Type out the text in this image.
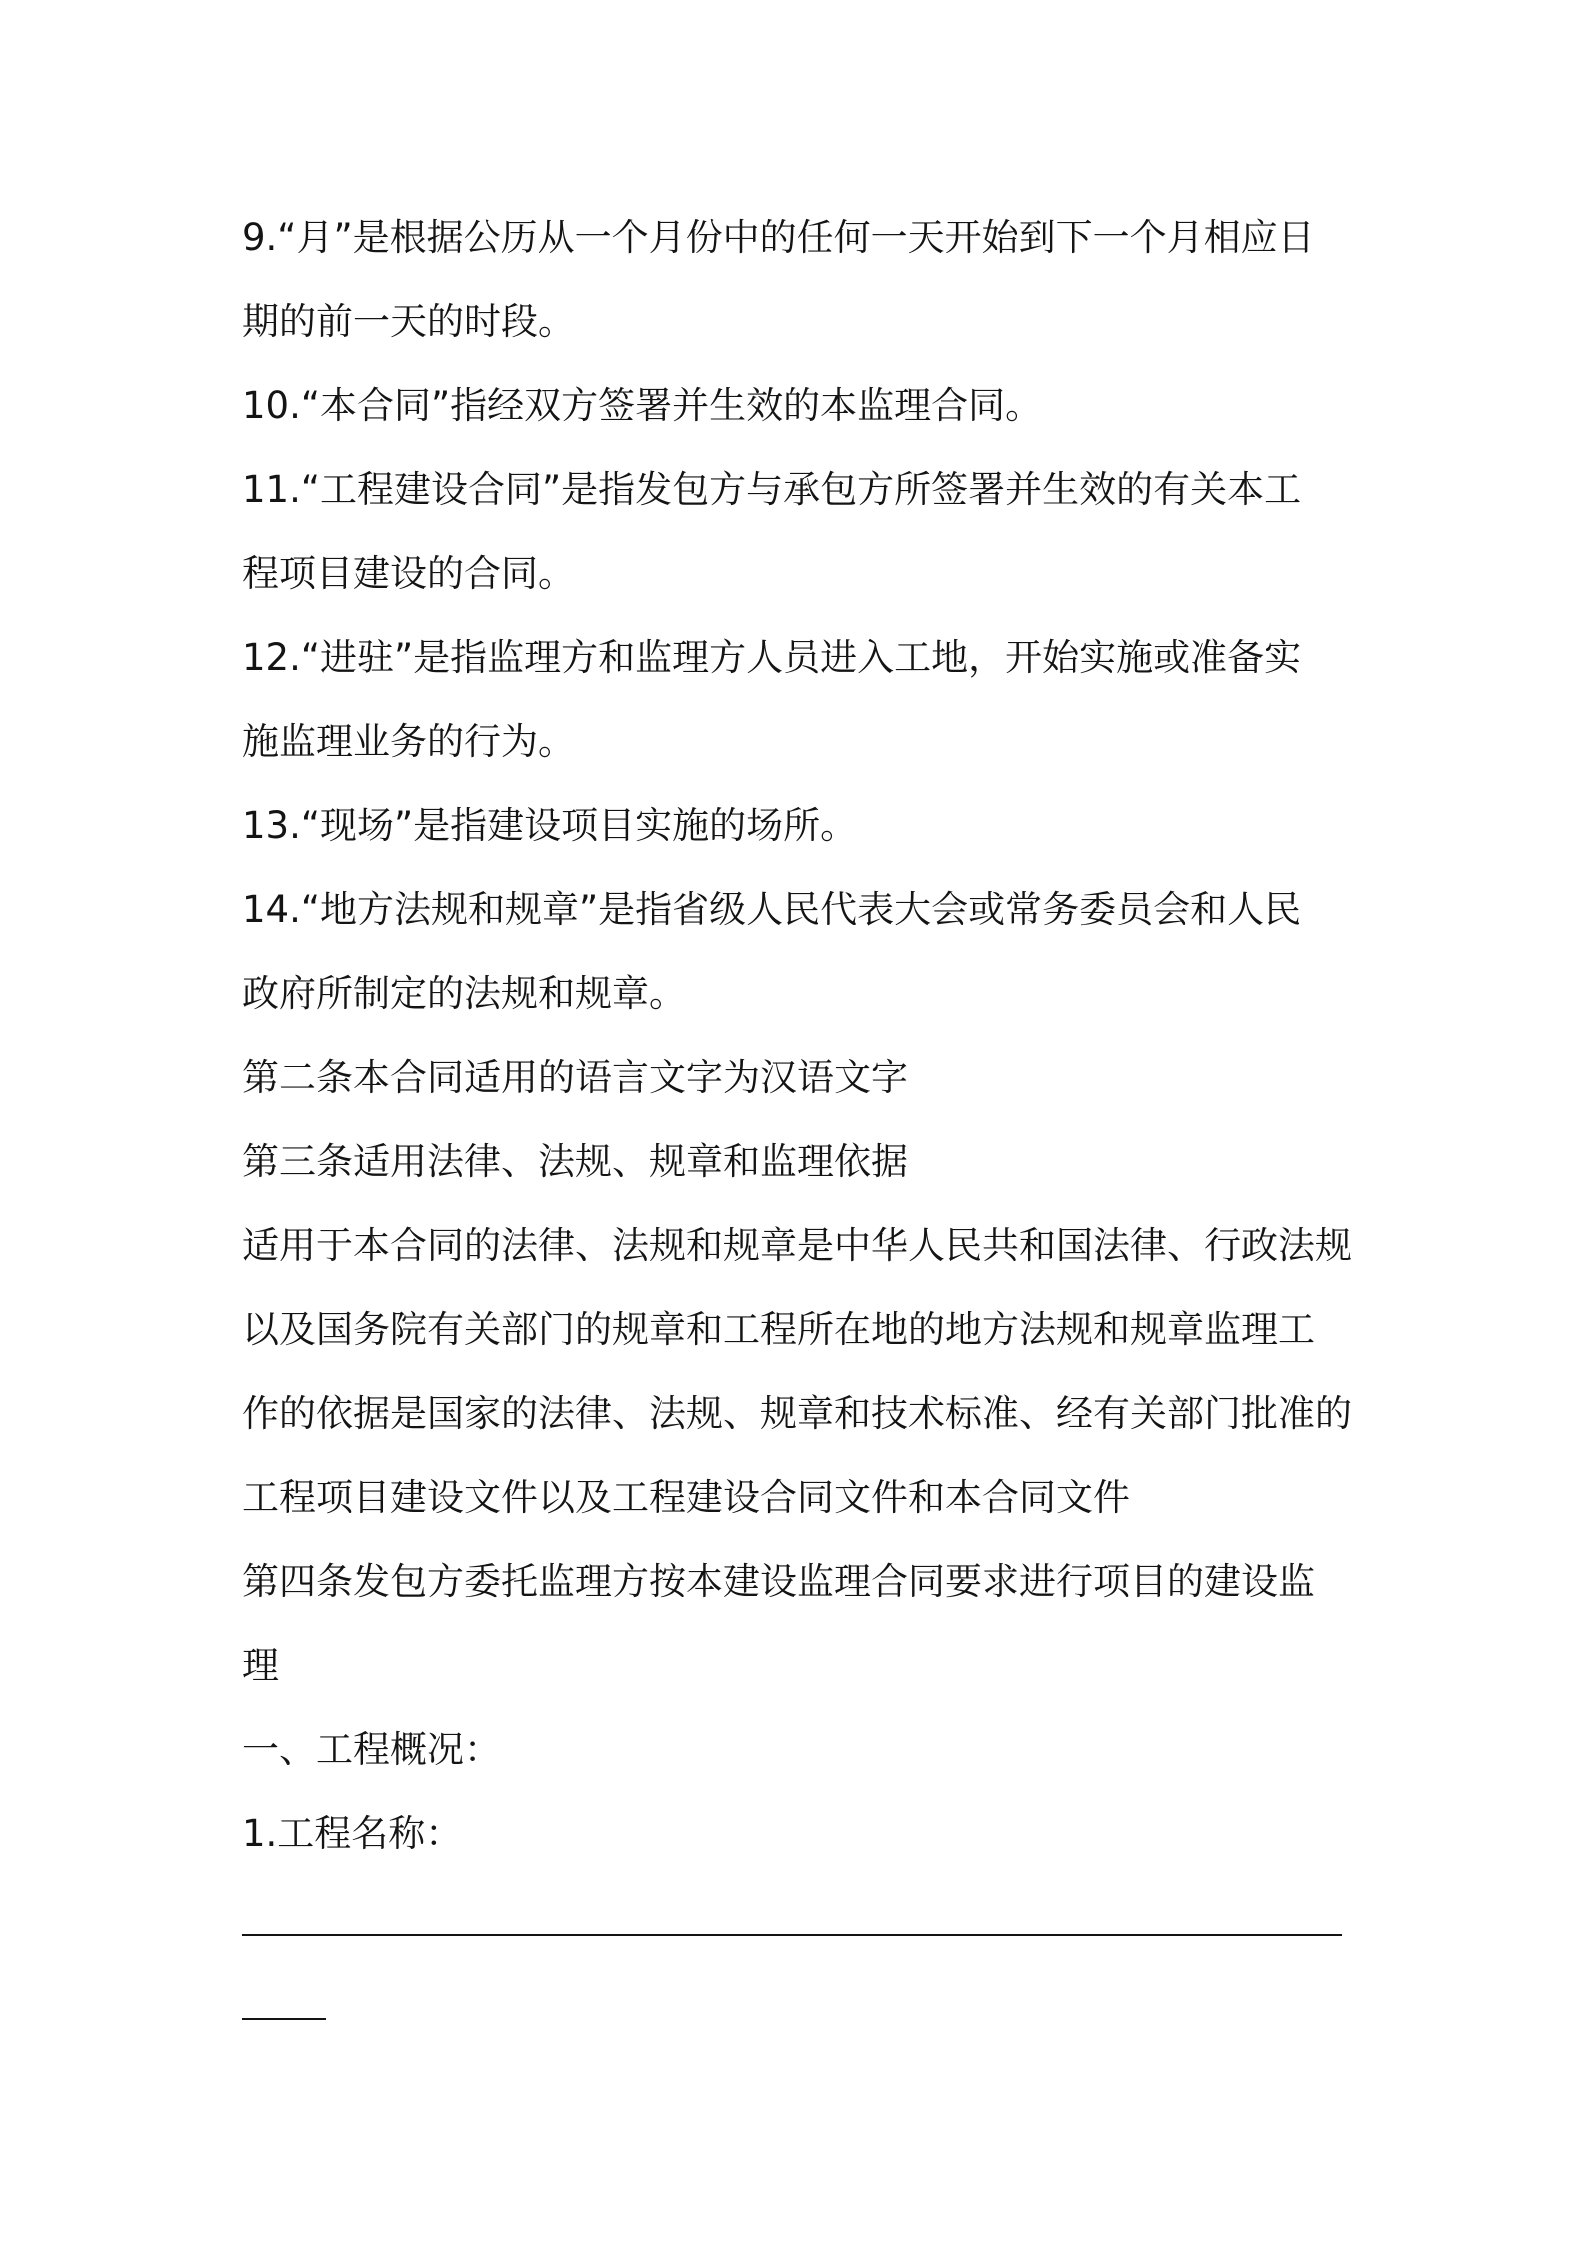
9.“月”是根据公历从一个月份中的任何一天开始到下一个月相应日
期的前一天的时段。
10.“本合同”指经双方签署并生效的本监理合同。
11.“工程建设合同”是指发包方与承包方所签署并生效的有关本工
程项目建设的合同。
12.“进驻”是指监理方和监理方人员进入工地，开始实施或准备实
施监理业务的行为。
13.“现场”是指建设项目实施的场所。
14.“地方法规和规章”是指省级人民代表大会或常务委员会和人民
政府所制定的法规和规章。
第二条本合同适用的语言文字为汉语文字
第三条适用法律、法规、规章和监理依据
适用于本合同的法律、法规和规章是中华人民共和国法律、行政法规
以及国务院有关部门的规章和工程所在地的地方法规和规章监理工
作的依据是国家的法律、法规、规章和技术标准、经有关部门批准的
工程项目建设文件以及工程建设合同文件和本合同文件
第四条发包方委托监理方按本建设监理合同要求进行项目的建设监
理
一、工程概况：
1.工程名称：
